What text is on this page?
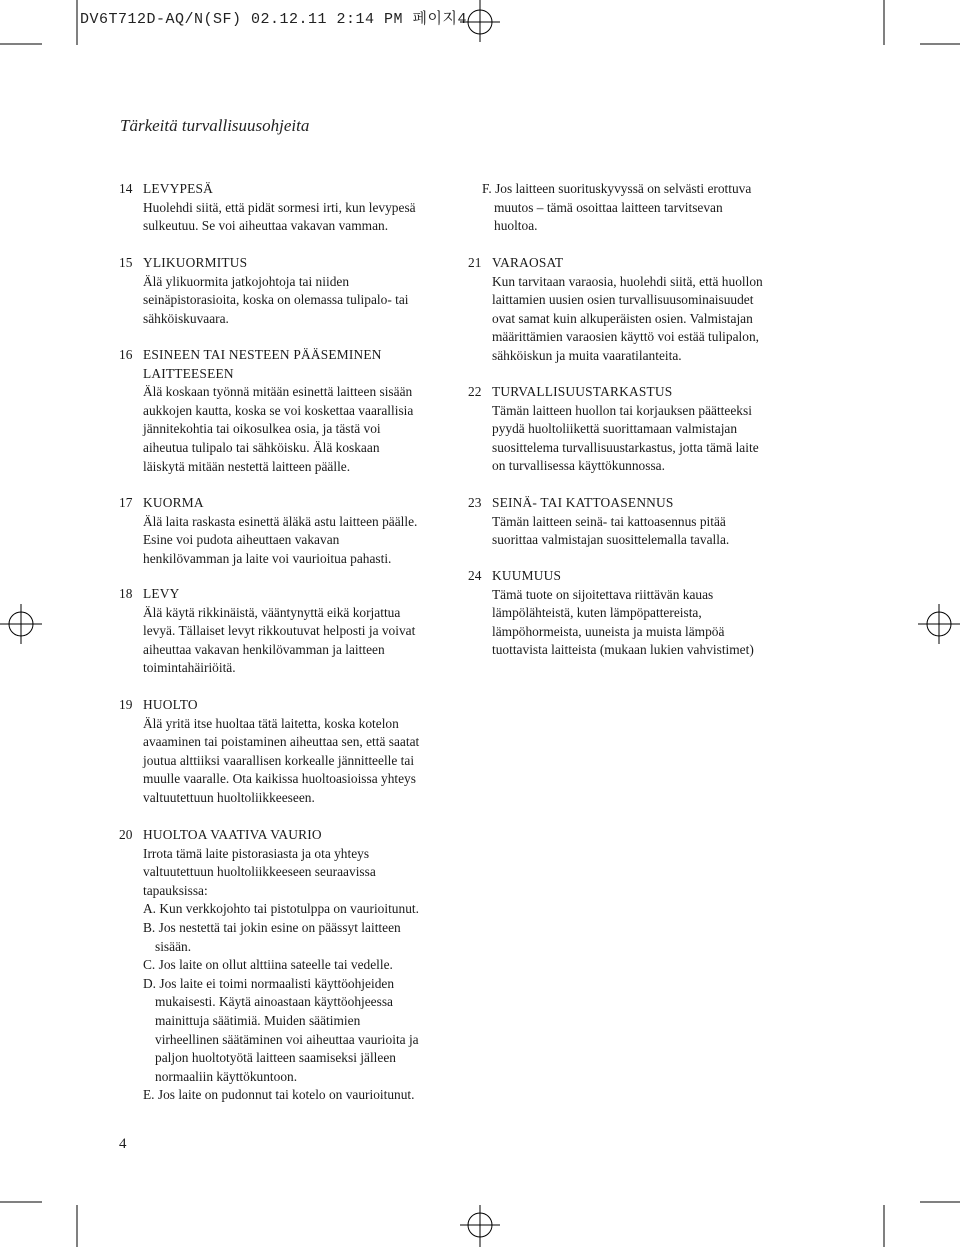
DV6T712D-AQ/N(SF) 02.12.11 2:14 PM 페이지4
Tärkeitä turvallisuusohjeita
14 LEVYPESÄ
Huolehdi siitä, että pidät sormesi irti, kun levypesä
sulkeutuu. Se voi aiheuttaa vakavan vamman.
15 YLIKUORMITUS
Älä ylikuormita jatkojohtoja tai niiden
seinäpistorasioita, koska on olemassa tulipalo- tai
sähköiskuvaara.
16 ESINEEN TAI NESTEEN PÄÄSEMINEN
LAITTEESEEN
Älä koskaan työnnä mitään esinettä laitteen sisään
aukkojen kautta, koska se voi koskettaa vaarallisia
jännitekohtia tai oikosulkea osia, ja tästä voi
aiheutua tulipalo tai sähköisku. Älä koskaan
läiskytä mitään nestettä laitteen päälle.
17 KUORMA
Älä laita raskasta esinettä äläkä astu laitteen päälle.
Esine voi pudota aiheuttaen vakavan
henkilövamman ja laite voi vaurioitua pahasti.
18 LEVY
Älä käytä rikkinäistä, vääntynyttä eikä korjattua
levyä. Tällaiset levyt rikkoutuvat helposti ja voivat
aiheuttaa vakavan henkilövamman ja laitteen
toimintahäiriöitä.
19 HUOLTO
Älä yritä itse huoltaa tätä laitetta, koska kotelon
avaaminen tai poistaminen aiheuttaa sen, että saatat
joutua alttiiksi vaarallisen korkealle jännitteelle tai
muulle vaaralle. Ota kaikissa huoltoasioissa yhteys
valtuutettuun huoltoliikkeeseen.
20 HUOLTOA VAATIVA VAURIO
Irrota tämä laite pistorasiasta ja ota yhteys
valtuutettuun huoltoliikkeeseen seuraavissa
tapauksissa:
A. Kun verkkojohto tai pistotulppa on vaurioitunut.
B. Jos nestettä tai jokin esine on päässyt laitteen
sisään.
C. Jos laite on ollut alttiina sateelle tai vedelle.
D. Jos laite ei toimi normaalisti käyttöohjeiden
mukaisesti. Käytä ainoastaan käyttöohjeessa
mainittuja säätimiä. Muiden säätimien
virheellinen säätäminen voi aiheuttaa vaurioita ja
paljon huoltotyötä laitteen saamiseksi jälleen
normaaliin käyttökuntoon.
E. Jos laite on pudonnut tai kotelo on vaurioitunut.
F. Jos laitteen suorituskyvyssä on selvästi erottuva
muutos – tämä osoittaa laitteen tarvitsevan
huoltoa.
21 VARAOSAT
Kun tarvitaan varaosia, huolehdi siitä, että huollon
laittamien uusien osien turvallisuusominaisuudet
ovat samat kuin alkuperäisten osien. Valmistajan
määrittämien varaosien käyttö voi estää tulipalon,
sähköiskun ja muita vaaratilanteita.
22 TURVALLISUUSTARKASTUS
Tämän laitteen huollon tai korjauksen päätteeksi
pyydä huoltoliikettä suorittamaan valmistajan
suosittelema turvallisuustarkastus, jotta tämä laite
on turvallisessa käyttökunnossa.
23 SEINÄ- TAI KATTOASENNUS
Tämän laitteen seinä- tai kattoasennus pitää
suorittaa valmistajan suosittelemalla tavalla.
24 KUUMUUS
Tämä tuote on sijoitettava riittävän kauas
lämpölähteistä, kuten lämpöpattereista,
lämpöhormeista, uuneista ja muista lämpöä
tuottavista laitteista (mukaan lukien vahvistimet)
4
